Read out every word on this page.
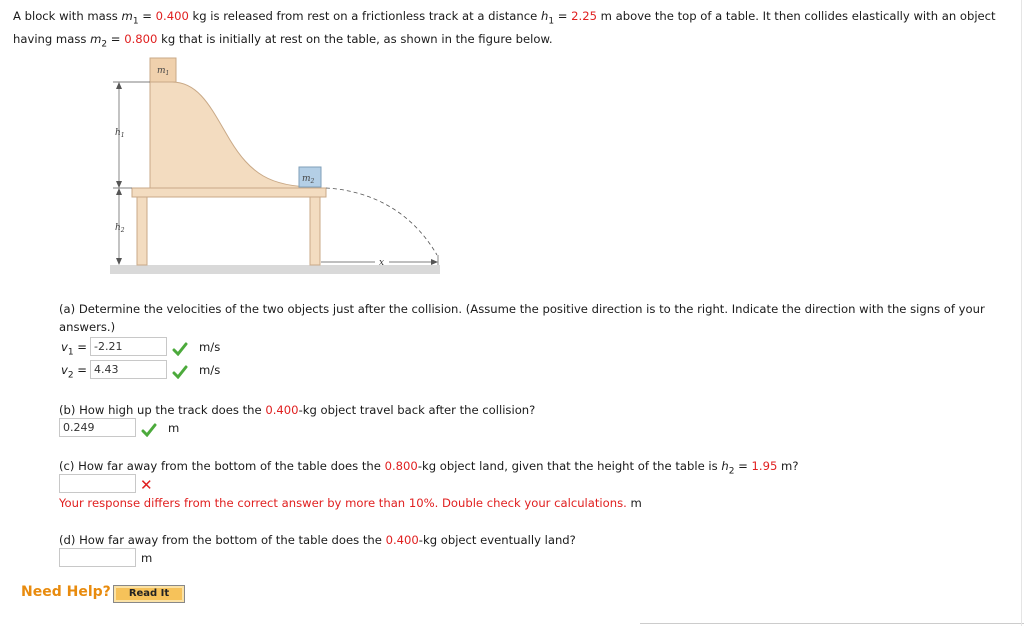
A block with mass $m_1 = 0.400$ kg is released from rest on a frictionless track at a distance $h_1 = 2.25$ m above the top of a table. It then collides elastically with an object

having mass $m_2 = 0.800$ kg that is initially at rest on the table, as shown in the figure below.

$m_1$
$m_2$
$h_1$
$h_2$
x
(a) Determine the velocities of the two objects just after the collision. (Assume the positive direction is to the right. Indicate the direction with the signs of your
answers.)
$v_1 = -2.21$	m/s
$v_2 = 4.43$	m/s
(b) How high up the track does the 0.400-kg object travel back after the collision?
0.249	m
(c) How far away from the bottom of the table does the 0.800-kg object land, given that the height of the table is $h_2 = 1.95$ m?
✕
Your response differs from the correct answer by more than 10%. Double check your calculations. m
(d) How far away from the bottom of the table does the 0.400-kg object eventually land?
m
Need Help?	Read It
